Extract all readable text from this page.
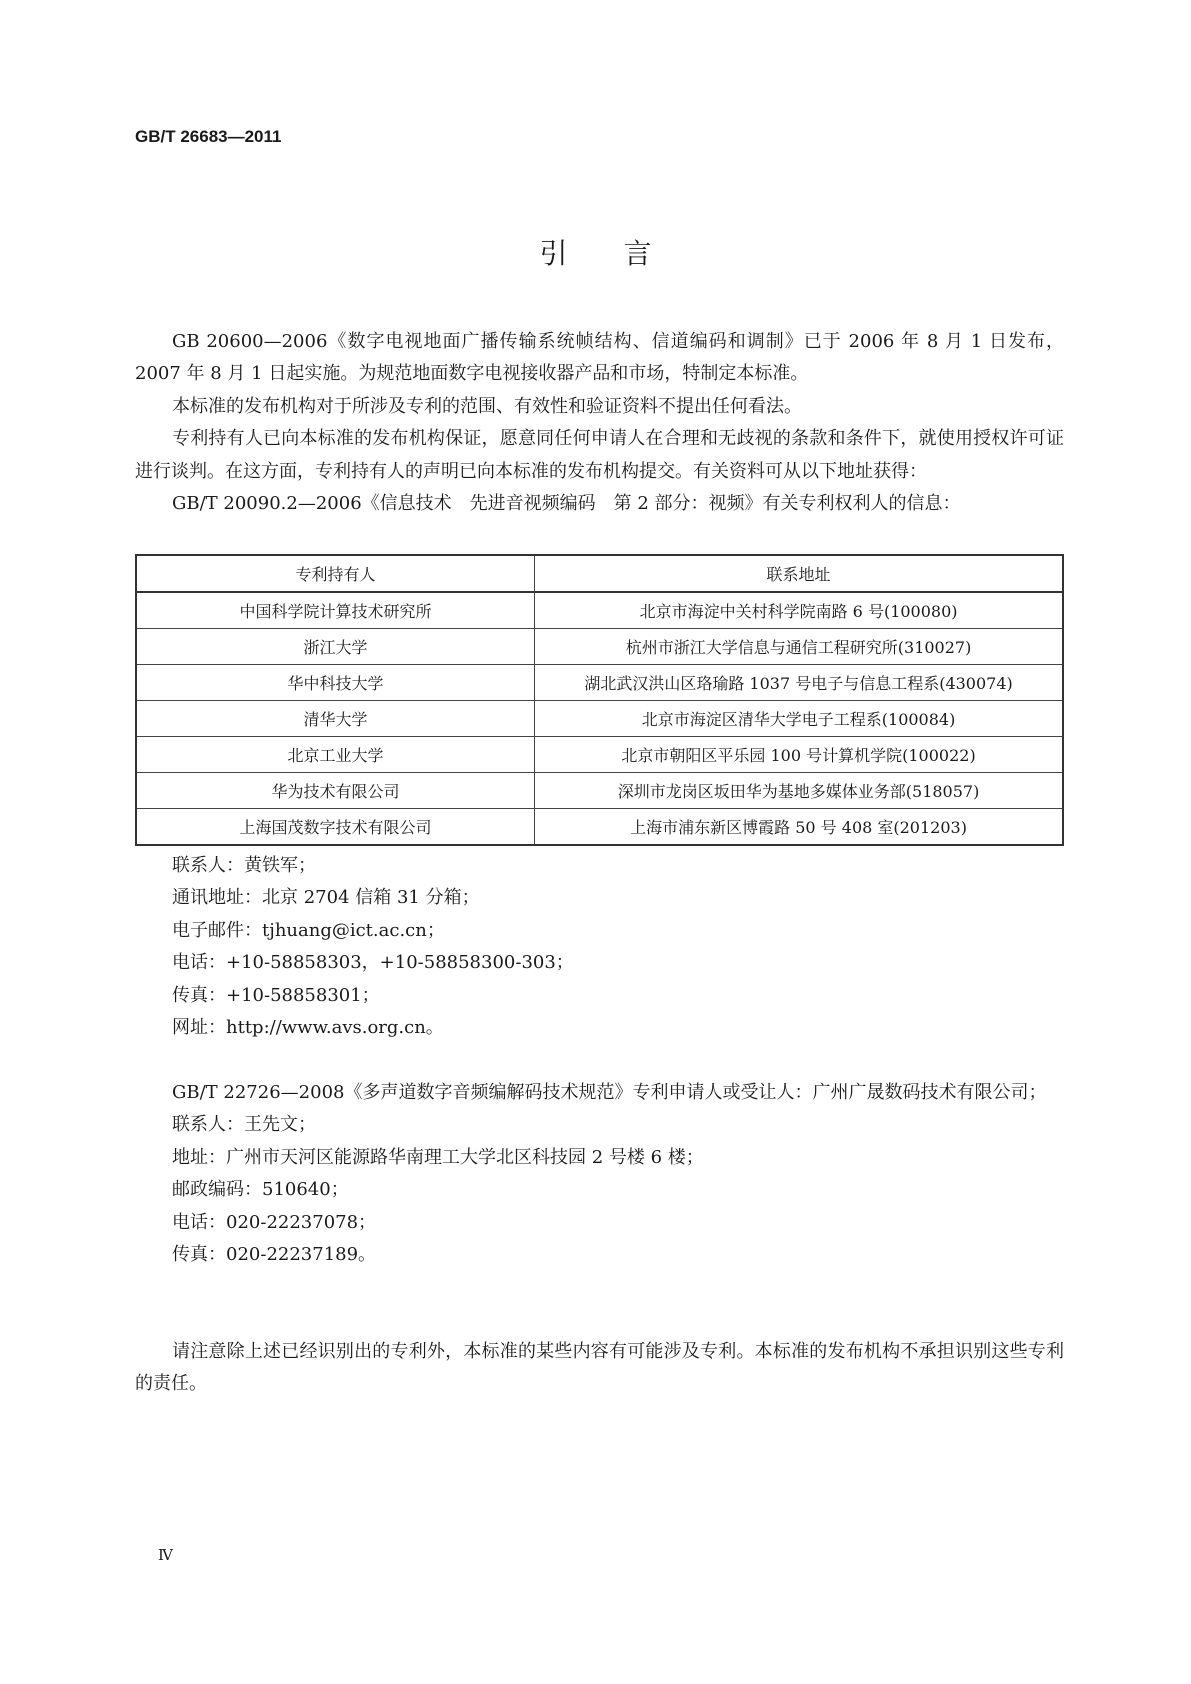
GB/T 26683—2011
引言

GB 20600—2006《数字电视地面广播传输系统帧结构、信道编码和调制》已于 2006 年 8 月 1 日发布，2007 年 8 月 1 日起实施。为规范地面数字电视接收器产品和市场，特制定本标准。

本标准的发布机构对于所涉及专利的范围、有效性和验证资料不提出任何看法。

专利持有人已向本标准的发布机构保证，愿意同任何申请人在合理和无歧视的条款和条件下，就使用授权许可证进行谈判。在这方面，专利持有人的声明已向本标准的发布机构提交。有关资料可从以下地址获得：

GB/T 20090.2—2006《信息技术　先进音视频编码　第 2 部分：视频》有关专利权利人的信息：

专利持有人	联系地址
中国科学院计算技术研究所	北京市海淀中关村科学院南路 6 号(100080)
浙江大学	杭州市浙江大学信息与通信工程研究所(310027)
华中科技大学	湖北武汉洪山区珞瑜路 1037 号电子与信息工程系(430074)
清华大学	北京市海淀区清华大学电子工程系(100084)
北京工业大学	北京市朝阳区平乐园 100 号计算机学院(100022)
华为技术有限公司	深圳市龙岗区坂田华为基地多媒体业务部(518057)
上海国茂数字技术有限公司	上海市浦东新区博霞路 50 号 408 室(201203)

联系人：黄铁军；

通讯地址：北京 2704 信箱 31 分箱；

电子邮件：tjhuang@ict.ac.cn；

电话：+10-58858303，+10-58858300-303；

传真：+10-58858301；

网址：http://www.avs.org.cn。

GB/T 22726—2008《多声道数字音频编解码技术规范》专利申请人或受让人：广州广晟数码技术有限公司；

联系人：王先文；

地址：广州市天河区能源路华南理工大学北区科技园 2 号楼 6 楼；

邮政编码：510640；

电话：020-22237078；

传真：020-22237189。

请注意除上述已经识别出的专利外，本标准的某些内容有可能涉及专利。本标准的发布机构不承担识别这些专利的责任。

Ⅳ
